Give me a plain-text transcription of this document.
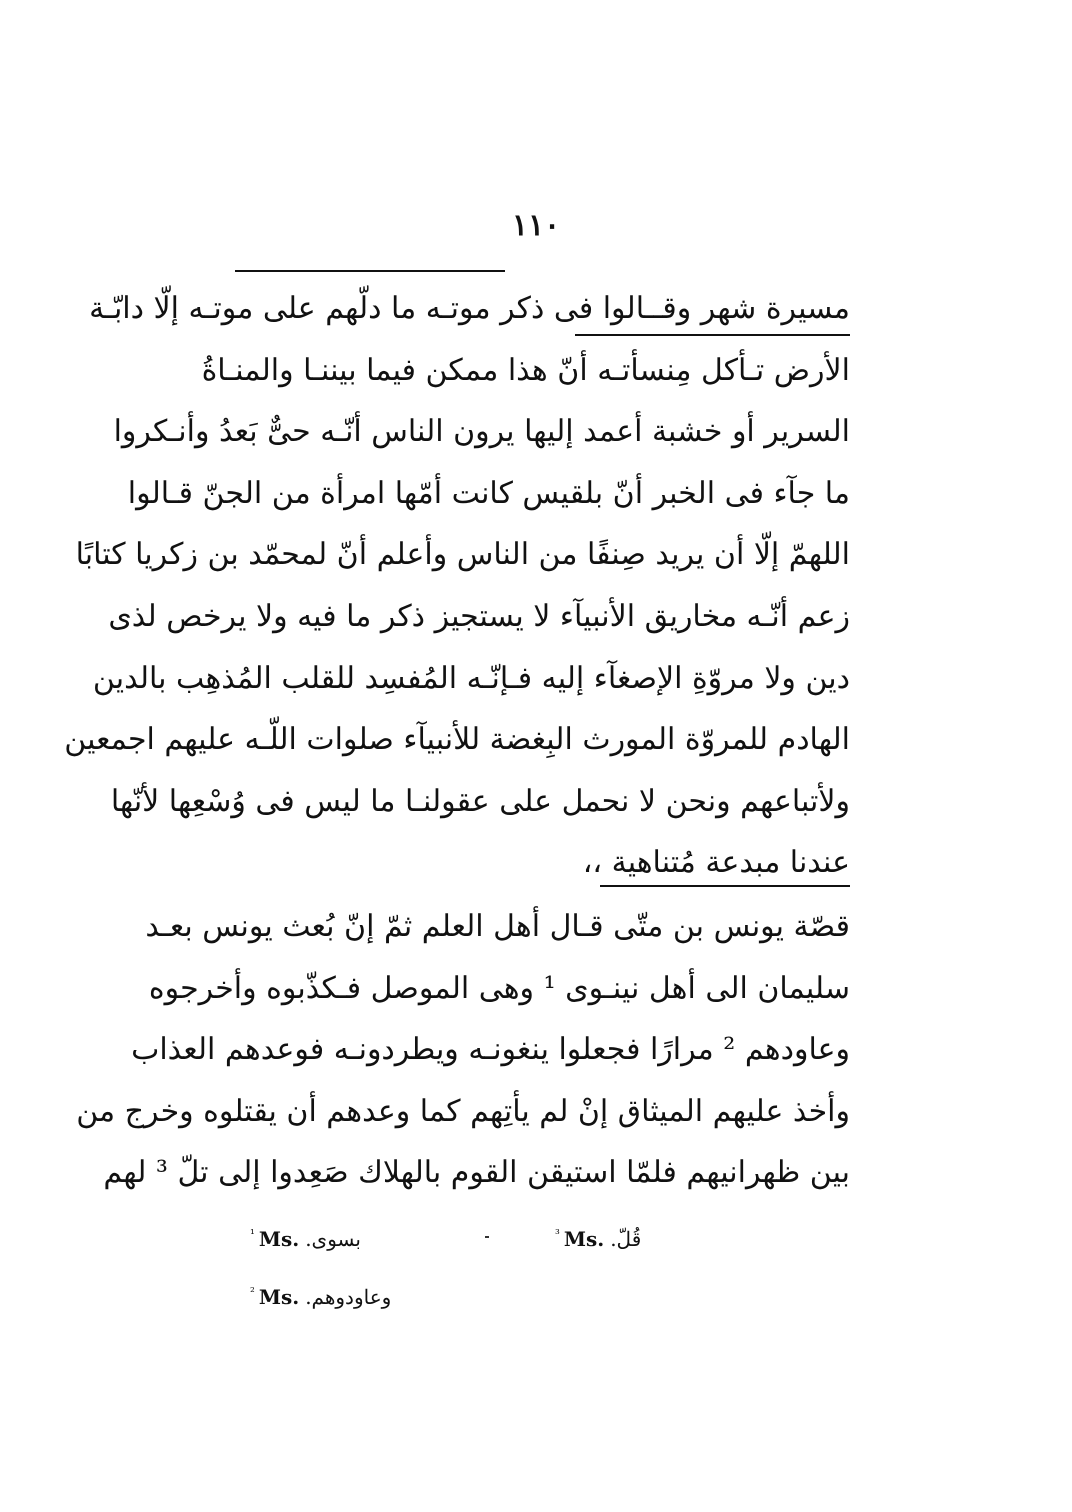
١١٠
مسيرة شهر وقــالوا فى ذكر موتـه ما دلّهم على موتـه إلّا دابّـة
الأرض تـأكل مِنسأتـه أنّ هذا ممكن فيما بيننـا والمنـاةُ
السرير أو خشبة أعمد إليها يرون الناس أنّـه حىٌّ بَعدُ وأنـكروا
ما جآء فى الخبر أنّ بلقيس كانت أمّها امرأة من الجنّ قـالوا
اللهمّ إلّا أن يريد صِنفًا من الناس وأعلم أنّ لمحمّد بن زكريا كتابًا
زعم أنّـه مخاريق الأنبيآء لا يستجيز ذكر ما فيه ولا يرخص لذى
دين ولا مروّةِ الإصغآء إليه فـإنّـه المُفسِد للقلب المُذهِب بالدين
الهادم للمروّة المورث البِغضة للأنبيآء صلوات اللّـه عليهم اجمعين
ولأتباعهم ونحن لا نحمل على عقولنـا ما ليس فى وُسْعِها لأنّها
عندنا مبدعة مُتناهية ،،
قصّة يونس بن متّى قـال أهل العلم ثمّ إنّ بُعث يونس بعـد
سليمان الى أهل نينـوى ¹ وهى الموصل فـكذّبوه وأخرجوه
وعاودهم ² مرارًا فجعلوا ينغونـه ويطردونـه فوعدهم العذاب
وأخذ عليهم الميثاق إنْ لم يأتِهم كما وعدهم أن يقتلوه وخرج من
بين ظهرانيهم فلمّا استيقن القوم بالهلاك صَعِدوا إلى تلّ ³ لهم
$^{^1}$ Ms. بسوى.
$^{^2}$ Ms. وعاودوهم.
$^{^3}$ Ms. قُلّ.
